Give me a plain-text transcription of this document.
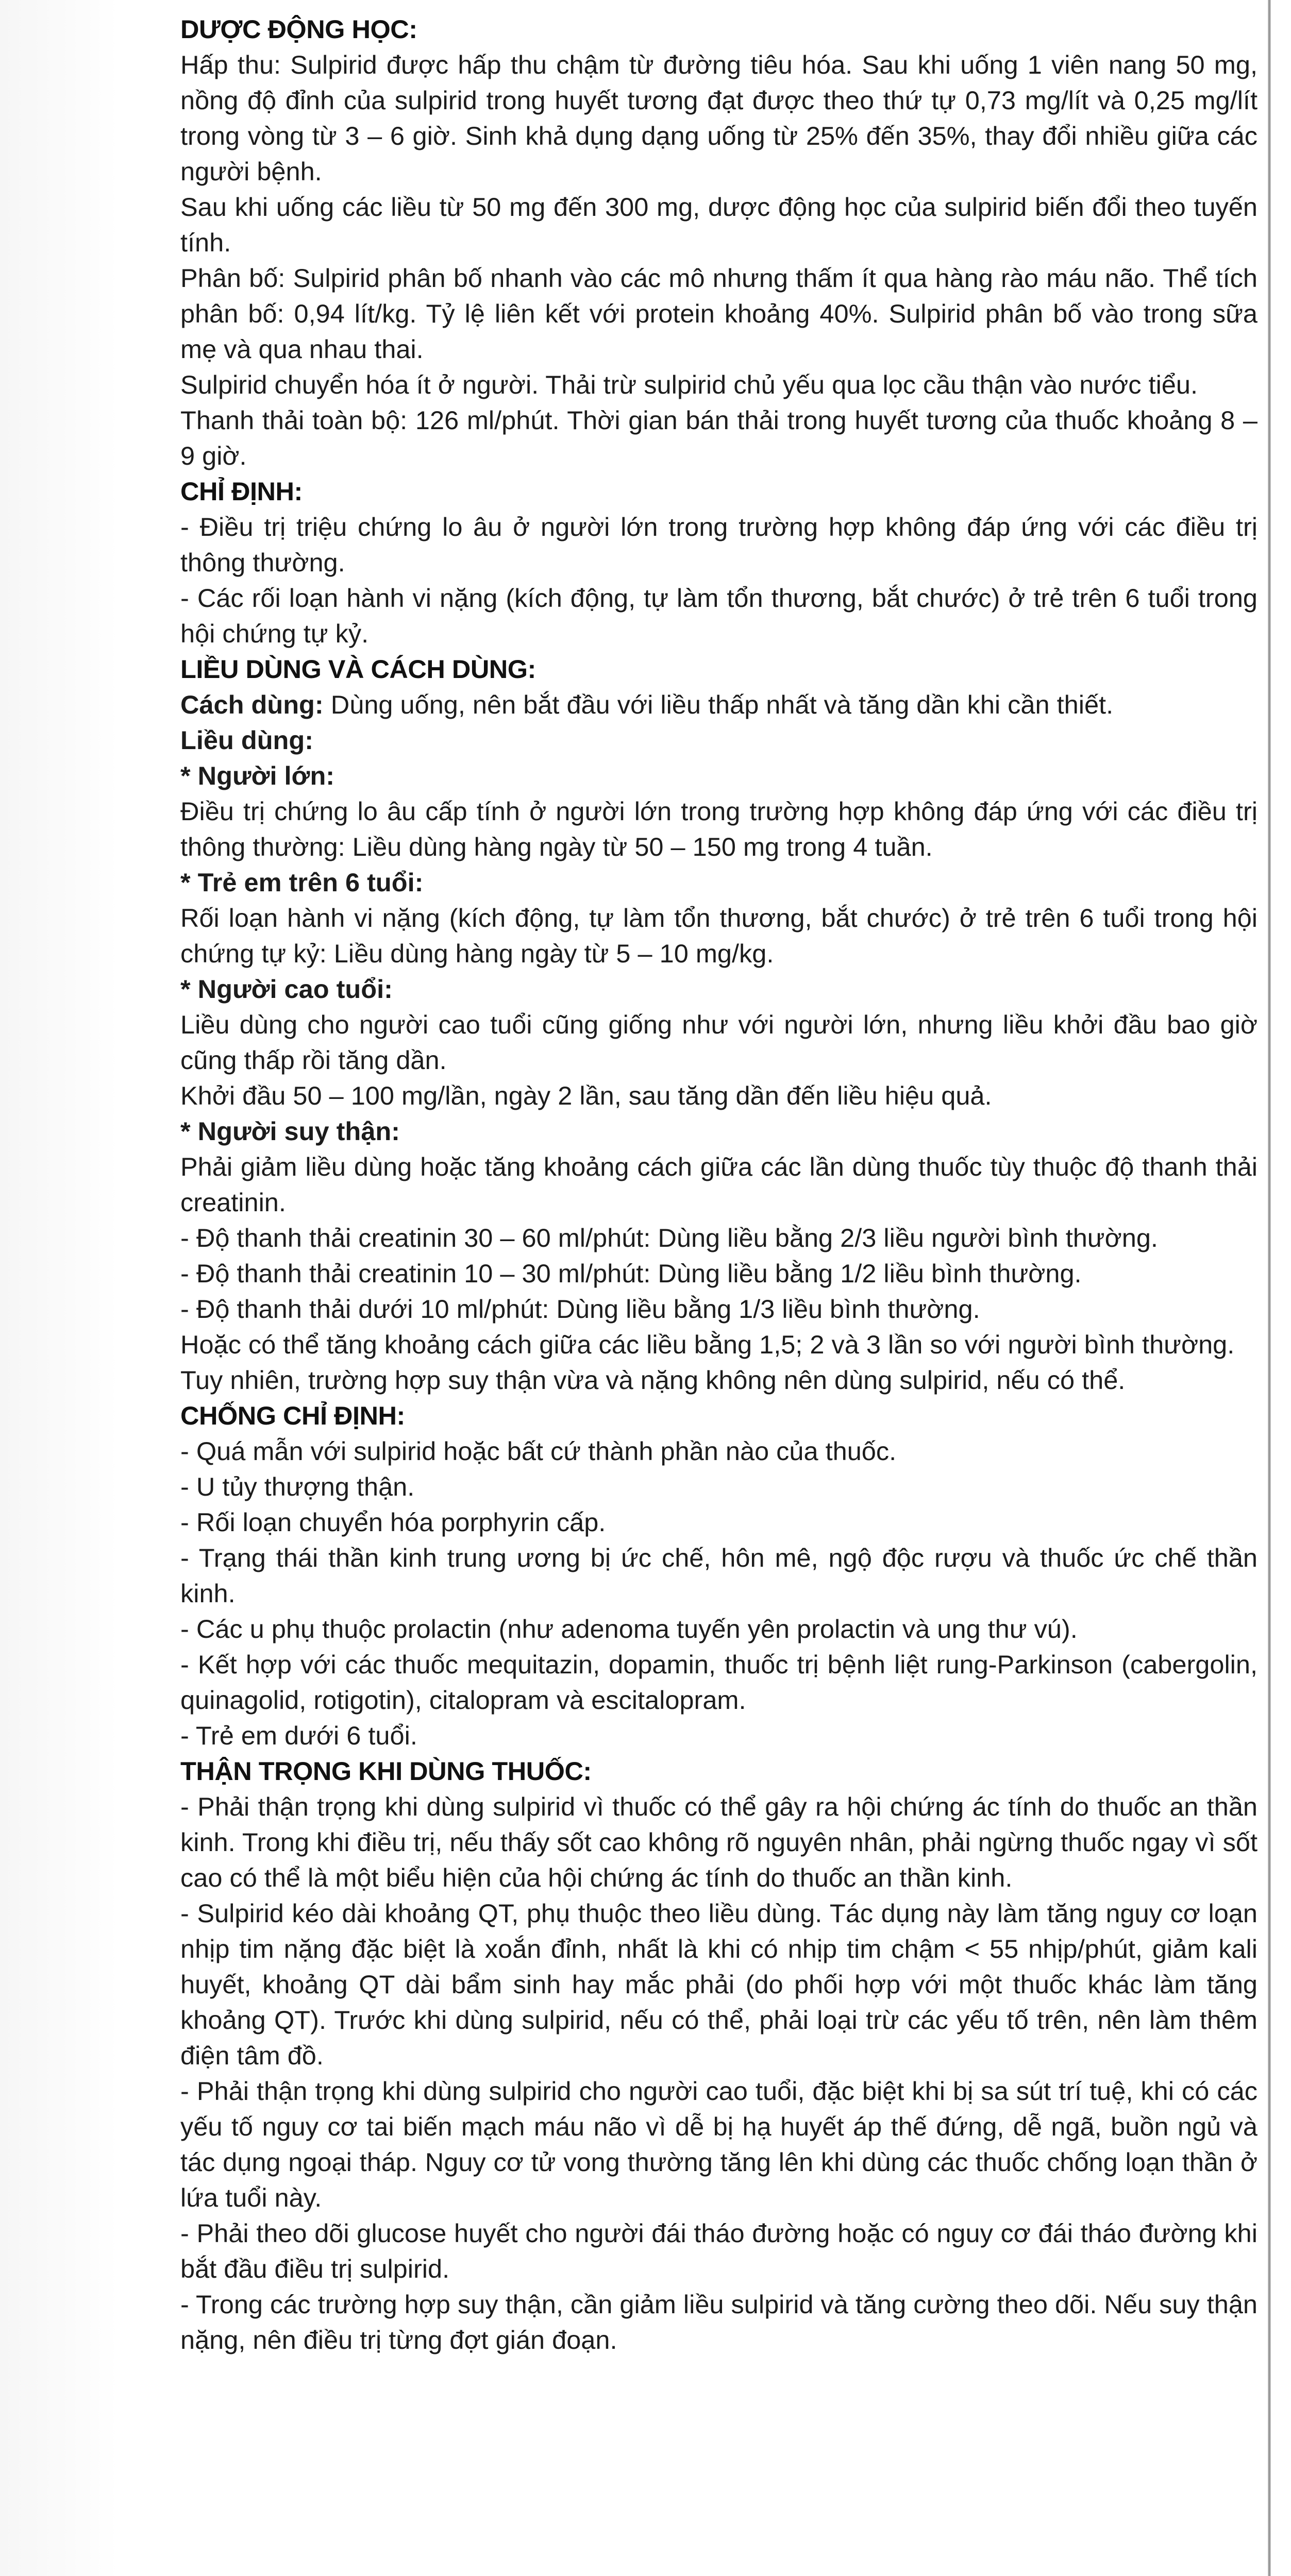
DƯỢC ĐỘNG HỌC:

Hấp thu: Sulpirid được hấp thu chậm từ đường tiêu hóa. Sau khi uống 1 viên nang 50 mg, nồng độ đỉnh của sulpirid trong huyết tương đạt được theo thứ tự 0,73 mg/lít và 0,25 mg/lít trong vòng từ 3 – 6 giờ. Sinh khả dụng dạng uống từ 25% đến 35%, thay đổi nhiều giữa các người bệnh.

Sau khi uống các liều từ 50 mg đến 300 mg, dược động học của sulpirid biến đổi theo tuyến tính.

Phân bố: Sulpirid phân bố nhanh vào các mô nhưng thấm ít qua hàng rào máu não. Thể tích phân bố: 0,94 lít/kg. Tỷ lệ liên kết với protein khoảng 40%. Sulpirid phân bố vào trong sữa mẹ và qua nhau thai.

Sulpirid chuyển hóa ít ở người. Thải trừ sulpirid chủ yếu qua lọc cầu thận vào nước tiểu.

Thanh thải toàn bộ: 126 ml/phút. Thời gian bán thải trong huyết tương của thuốc khoảng 8 – 9 giờ.

CHỈ ĐỊNH:

- Điều trị triệu chứng lo âu ở người lớn trong trường hợp không đáp ứng với các điều trị thông thường.

- Các rối loạn hành vi nặng (kích động, tự làm tổn thương, bắt chước) ở trẻ trên 6 tuổi trong hội chứng tự kỷ.

LIỀU DÙNG VÀ CÁCH DÙNG:

Cách dùng: Dùng uống, nên bắt đầu với liều thấp nhất và tăng dần khi cần thiết.

Liều dùng:

* Người lớn:

Điều trị chứng lo âu cấp tính ở người lớn trong trường hợp không đáp ứng với các điều trị thông thường: Liều dùng hàng ngày từ 50 – 150 mg trong 4 tuần.

* Trẻ em trên 6 tuổi:

Rối loạn hành vi nặng (kích động, tự làm tổn thương, bắt chước) ở trẻ trên 6 tuổi trong hội chứng tự kỷ: Liều dùng hàng ngày từ 5 – 10 mg/kg.

* Người cao tuổi:

Liều dùng cho người cao tuổi cũng giống như với người lớn, nhưng liều khởi đầu bao giờ cũng thấp rồi tăng dần.

Khởi đầu 50 – 100 mg/lần, ngày 2 lần, sau tăng dần đến liều hiệu quả.

* Người suy thận:

Phải giảm liều dùng hoặc tăng khoảng cách giữa các lần dùng thuốc tùy thuộc độ thanh thải creatinin.

- Độ thanh thải creatinin 30 – 60 ml/phút: Dùng liều bằng 2/3 liều người bình thường.

- Độ thanh thải creatinin 10 – 30 ml/phút: Dùng liều bằng 1/2 liều bình thường.

- Độ thanh thải dưới 10 ml/phút: Dùng liều bằng 1/3 liều bình thường.

Hoặc có thể tăng khoảng cách giữa các liều bằng 1,5; 2 và 3 lần so với người bình thường.

Tuy nhiên, trường hợp suy thận vừa và nặng không nên dùng sulpirid, nếu có thể.

CHỐNG CHỈ ĐỊNH:

- Quá mẫn với sulpirid hoặc bất cứ thành phần nào của thuốc.

- U tủy thượng thận.

- Rối loạn chuyển hóa porphyrin cấp.

- Trạng thái thần kinh trung ương bị ức chế, hôn mê, ngộ độc rượu và thuốc ức chế thần kinh.

- Các u phụ thuộc prolactin (như adenoma tuyến yên prolactin và ung thư vú).

- Kết hợp với các thuốc mequitazin, dopamin, thuốc trị bệnh liệt rung-Parkinson (cabergolin, quinagolid, rotigotin), citalopram và escitalopram.

- Trẻ em dưới 6 tuổi.

THẬN TRỌNG KHI DÙNG THUỐC:

- Phải thận trọng khi dùng sulpirid vì thuốc có thể gây ra hội chứng ác tính do thuốc an thần kinh. Trong khi điều trị, nếu thấy sốt cao không rõ nguyên nhân, phải ngừng thuốc ngay vì sốt cao có thể là một biểu hiện của hội chứng ác tính do thuốc an thần kinh.

- Sulpirid kéo dài khoảng QT, phụ thuộc theo liều dùng. Tác dụng này làm tăng nguy cơ loạn nhịp tim nặng đặc biệt là xoắn đỉnh, nhất là khi có nhịp tim chậm < 55 nhịp/phút, giảm kali huyết, khoảng QT dài bẩm sinh hay mắc phải (do phối hợp với một thuốc khác làm tăng khoảng QT). Trước khi dùng sulpirid, nếu có thể, phải loại trừ các yếu tố trên, nên làm thêm điện tâm đồ.

- Phải thận trọng khi dùng sulpirid cho người cao tuổi, đặc biệt khi bị sa sút trí tuệ, khi có các yếu tố nguy cơ tai biến mạch máu não vì dễ bị hạ huyết áp thế đứng, dễ ngã, buồn ngủ và tác dụng ngoại tháp. Nguy cơ tử vong thường tăng lên khi dùng các thuốc chống loạn thần ở lứa tuổi này.

- Phải theo dõi glucose huyết cho người đái tháo đường hoặc có nguy cơ đái tháo đường khi bắt đầu điều trị sulpirid.

- Trong các trường hợp suy thận, cần giảm liều sulpirid và tăng cường theo dõi. Nếu suy thận nặng, nên điều trị từng đợt gián đoạn.
